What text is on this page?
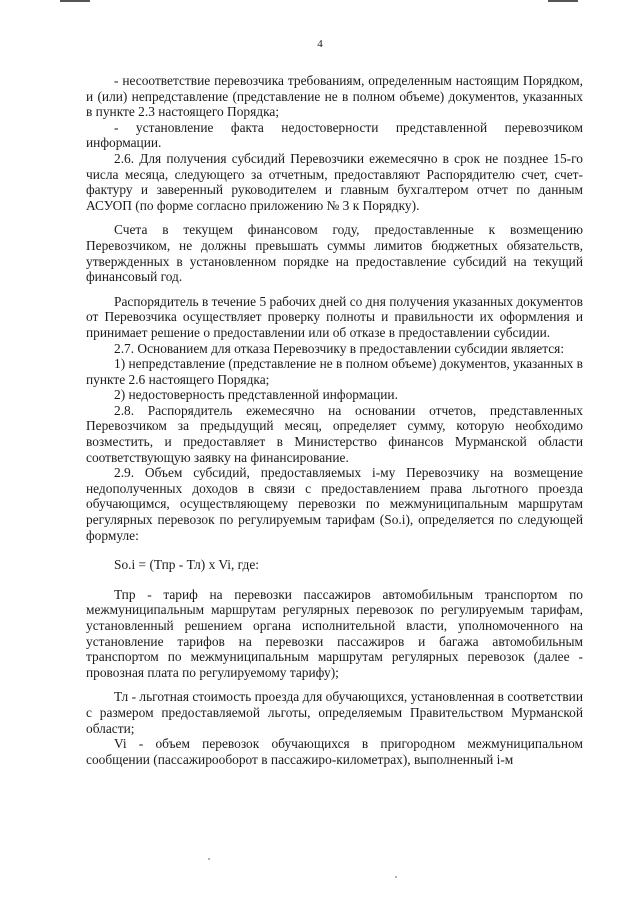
4

- несоответствие перевозчика требованиям, определенным настоящим Порядком, и (или) непредставление (представление не в полном объеме) документов, указанных в пункте 2.3 настоящего Порядка;

- установление факта недостоверности представленной перевозчиком информации.

2.6. Для получения субсидий Перевозчики ежемесячно в срок не позднее 15-го числа месяца, следующего за отчетным, предоставляют Распорядителю счет, счет-фактуру и заверенный руководителем и главным бухгалтером отчет по данным АСУОП (по форме согласно приложению № 3 к Порядку).

Счета в текущем финансовом году, предоставленные к возмещению Перевозчиком, не должны превышать суммы лимитов бюджетных обязательств, утвержденных в установленном порядке на предоставление субсидий на текущий финансовый год.

Распорядитель в течение 5 рабочих дней со дня получения указанных документов от Перевозчика осуществляет проверку полноты и правильности их оформления и принимает решение о предоставлении или об отказе в предоставлении субсидии.

2.7. Основанием для отказа Перевозчику в предоставлении субсидии является:

1) непредставление (представление не в полном объеме) документов, указанных в пункте 2.6 настоящего Порядка;

2) недостоверность представленной информации.

2.8. Распорядитель ежемесячно на основании отчетов, представленных Перевозчиком за предыдущий месяц, определяет сумму, которую необходимо возместить, и предоставляет в Министерство финансов Мурманской области соответствующую заявку на финансирование.

2.9. Объем субсидий, предоставляемых i-му Перевозчику на возмещение недополученных доходов в связи с предоставлением права льготного проезда обучающимся, осуществляющему перевозки по межмуниципальным маршрутам регулярных перевозок по регулируемым тарифам (So.i), определяется по следующей формуле:

So.i = (Тпр - Тл) x Vi, где:

Тпр - тариф на перевозки пассажиров автомобильным транспортом по межмуниципальным маршрутам регулярных перевозок по регулируемым тарифам, установленный решением органа исполнительной власти, уполномоченного на установление тарифов на перевозки пассажиров и багажа автомобильным транспортом по межмуниципальным маршрутам регулярных перевозок (далее - провозная плата по регулируемому тарифу);

Тл - льготная стоимость проезда для обучающихся, установленная в соответствии с размером предоставляемой льготы, определяемым Правительством Мурманской области;

Vi - объем перевозок обучающихся в пригородном межмуниципальном сообщении (пассажирооборот в пассажиро-километрах), выполненный i-м
